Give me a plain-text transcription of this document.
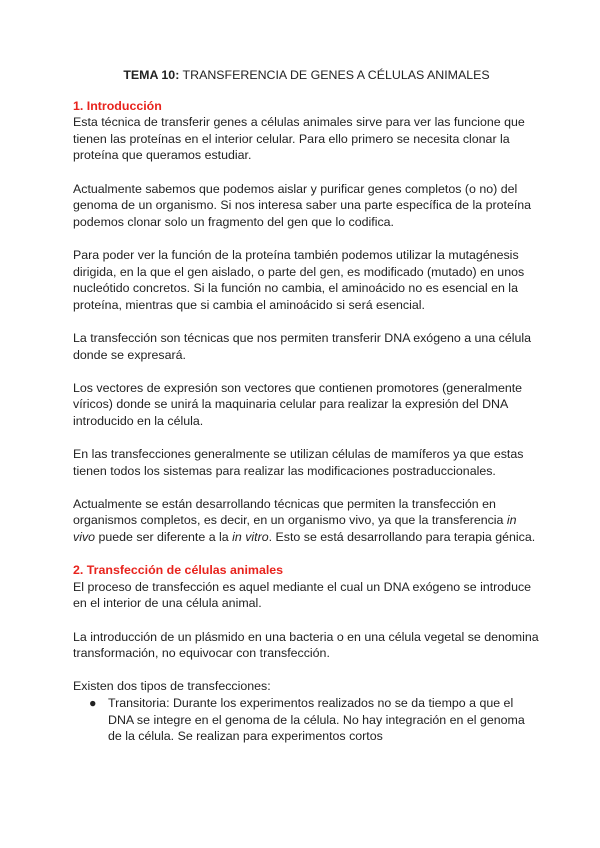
TEMA 10: TRANSFERENCIA DE GENES A CÉLULAS ANIMALES
1. Introducción

Esta técnica de transferir genes a células animales sirve para ver las funcione que tienen las proteínas en el interior celular. Para ello primero se necesita clonar la proteína que queramos estudiar.

Actualmente sabemos que podemos aislar y purificar genes completos (o no) del genoma de un organismo. Si nos interesa saber una parte específica de la proteína podemos clonar solo un fragmento del gen que lo codifica.

Para poder ver la función de la proteína también podemos utilizar la mutagénesis dirigida, en la que el gen aislado, o parte del gen, es modificado (mutado) en unos nucleótido concretos. Si la función no cambia, el aminoácido no es esencial en la proteína, mientras que si cambia el aminoácido si será esencial.

La transfección son técnicas que nos permiten transferir DNA exógeno a una célula donde se expresará.

Los vectores de expresión son vectores que contienen promotores (generalmente víricos) donde se unirá la maquinaria celular para realizar la expresión del DNA introducido en la célula.

En las transfecciones generalmente se utilizan células de mamíferos ya que estas tienen todos los sistemas para realizar las modificaciones postraduccionales.

Actualmente se están desarrollando técnicas que permiten la transfección en organismos completos, es decir, en un organismo vivo, ya que la transferencia in vivo puede ser diferente a la in vitro. Esto se está desarrollando para terapia génica.

2. Transfección de células animales

El proceso de transfección es aquel mediante el cual un DNA exógeno se introduce en el interior de una célula animal.

La introducción de un plásmido en una bacteria o en una célula vegetal se denomina transformación, no equivocar con transfección.

Existen dos tipos de transfecciones:
● Transitoria: Durante los experimentos realizados no se da tiempo a que el DNA se integre en el genoma de la célula. No hay integración en el genoma de la célula. Se realizan para experimentos cortos
